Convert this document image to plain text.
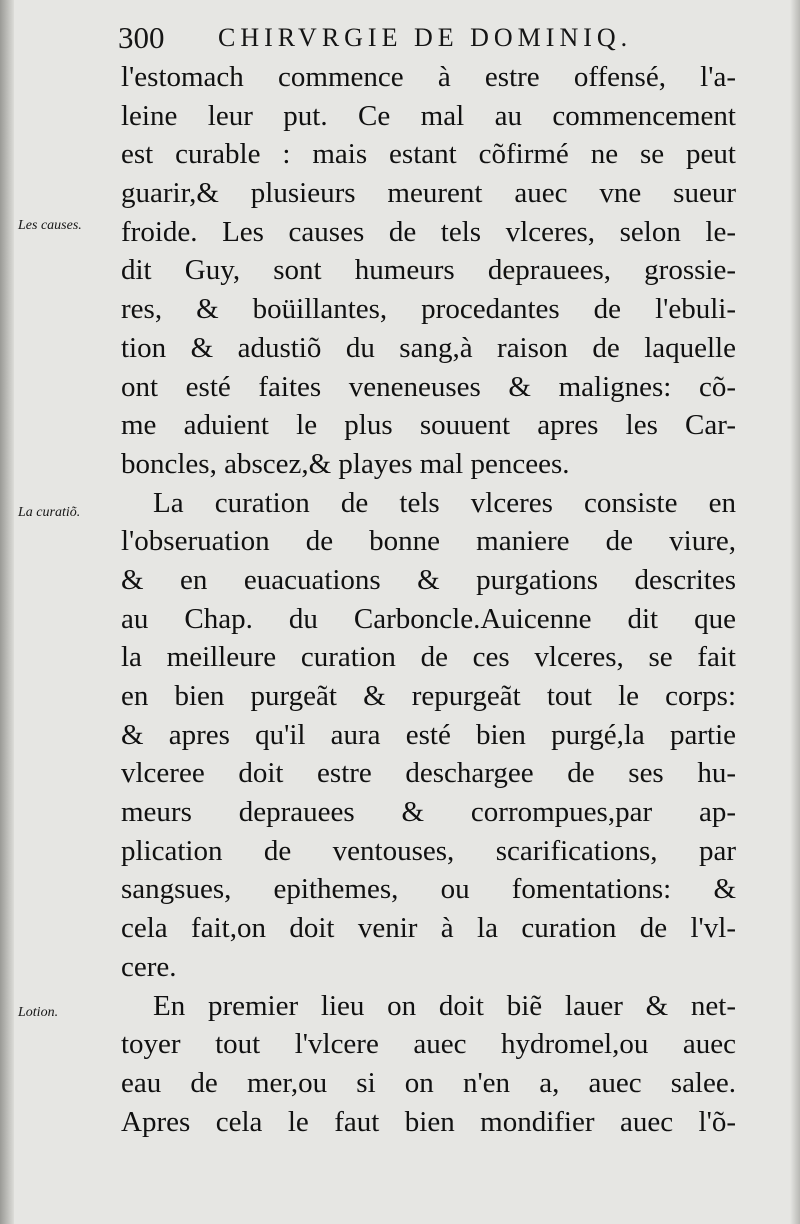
300 CHIRVRGIE DE DOMINIQ.
Les causes.
La curatiõ.
Lotion.
l'estomach commence à estre offensé, l'a-
leine leur put. Ce mal au commencement
est curable : mais estant cõfirmé ne se peut
guarir,& plusieurs meurent auec vne sueur
froide. Les causes de tels vlceres, selon le-
dit Guy, sont humeurs deprauees, grossie-
res, & boüillantes, procedantes de l'ebuli-
tion & adustiõ du sang,à raison de laquelle
ont esté faites veneneuses & malignes: cõ-
me aduient le plus souuent apres les Car-
boncles, abscez,& playes mal pencees.
La curation de tels vlceres consiste en
l'obseruation de bonne maniere de viure,
& en euacuations & purgations descrites
au Chap. du Carboncle.Auicenne dit que
la meilleure curation de ces vlceres, se fait
en bien purgeãt & repurgeãt tout le corps:
& apres qu'il aura esté bien purgé,la partie
vlceree doit estre deschargee de ses hu-
meurs deprauees & corrompues,par ap-
plication de ventouses, scarifications, par
sangsues, epithemes, ou fomentations: &
cela fait,on doit venir à la curation de l'vl-
cere.
En premier lieu on doit biẽ lauer & net-
toyer tout l'vlcere auec hydromel,ou auec
eau de mer,ou si on n'en a, auec salee.
Apres cela le faut bien mondifier auec l'õ-
